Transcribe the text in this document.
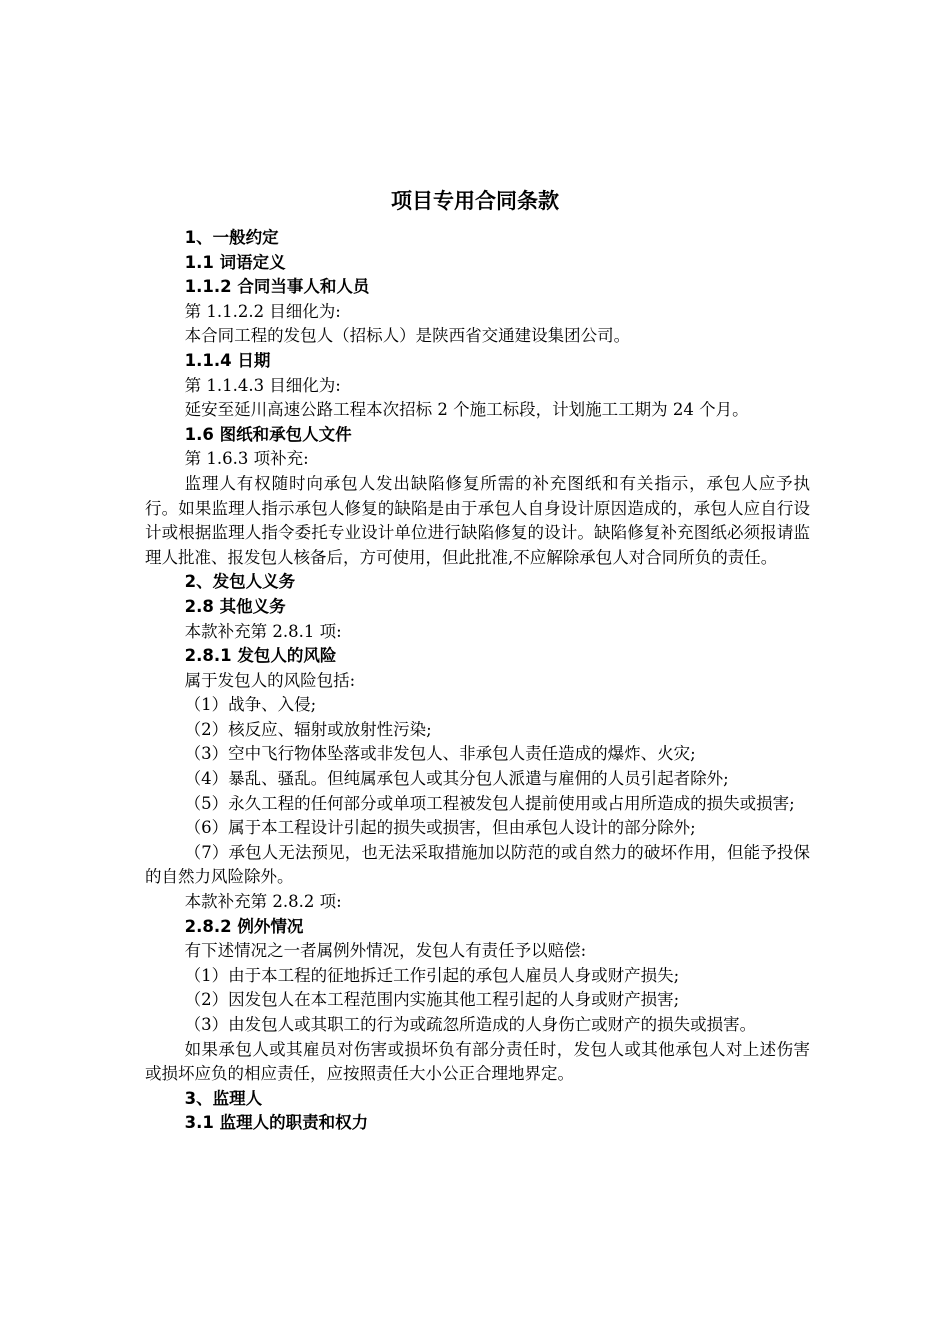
项目专用合同条款

1、一般约定

1.1 词语定义

1.1.2 合同当事人和人员

第 1.1.2.2 目细化为:

本合同工程的发包人（招标人）是陕西省交通建设集团公司。

1.1.4 日期

第 1.1.4.3 目细化为:

延安至延川高速公路工程本次招标 2 个施工标段，计划施工工期为 24 个月。

1.6 图纸和承包人文件

第 1.6.3 项补充:

监理人有权随时向承包人发出缺陷修复所需的补充图纸和有关指示，承包人应予执行。如果监理人指示承包人修复的缺陷是由于承包人自身设计原因造成的，承包人应自行设计或根据监理人指令委托专业设计单位进行缺陷修复的设计。缺陷修复补充图纸必须报请监理人批准、报发包人核备后，方可使用，但此批准,不应解除承包人对合同所负的责任。

2、发包人义务

2.8 其他义务

本款补充第 2.8.1 项:

2.8.1 发包人的风险

属于发包人的风险包括:

（1）战争、入侵;

（2）核反应、辐射或放射性污染;

（3）空中飞行物体坠落或非发包人、非承包人责任造成的爆炸、火灾;

（4）暴乱、骚乱。但纯属承包人或其分包人派遣与雇佣的人员引起者除外;

（5）永久工程的任何部分或单项工程被发包人提前使用或占用所造成的损失或损害;

（6）属于本工程设计引起的损失或损害，但由承包人设计的部分除外;

（7）承包人无法预见，也无法采取措施加以防范的或自然力的破坏作用，但能予投保的自然力风险除外。

本款补充第 2.8.2 项:

2.8.2 例外情况

有下述情况之一者属例外情况，发包人有责任予以赔偿:

（1）由于本工程的征地拆迁工作引起的承包人雇员人身或财产损失;

（2）因发包人在本工程范围内实施其他工程引起的人身或财产损害;

（3）由发包人或其职工的行为或疏忽所造成的人身伤亡或财产的损失或损害。

如果承包人或其雇员对伤害或损坏负有部分责任时，发包人或其他承包人对上述伤害或损坏应负的相应责任，应按照责任大小公正合理地界定。

3、监理人

3.1 监理人的职责和权力
